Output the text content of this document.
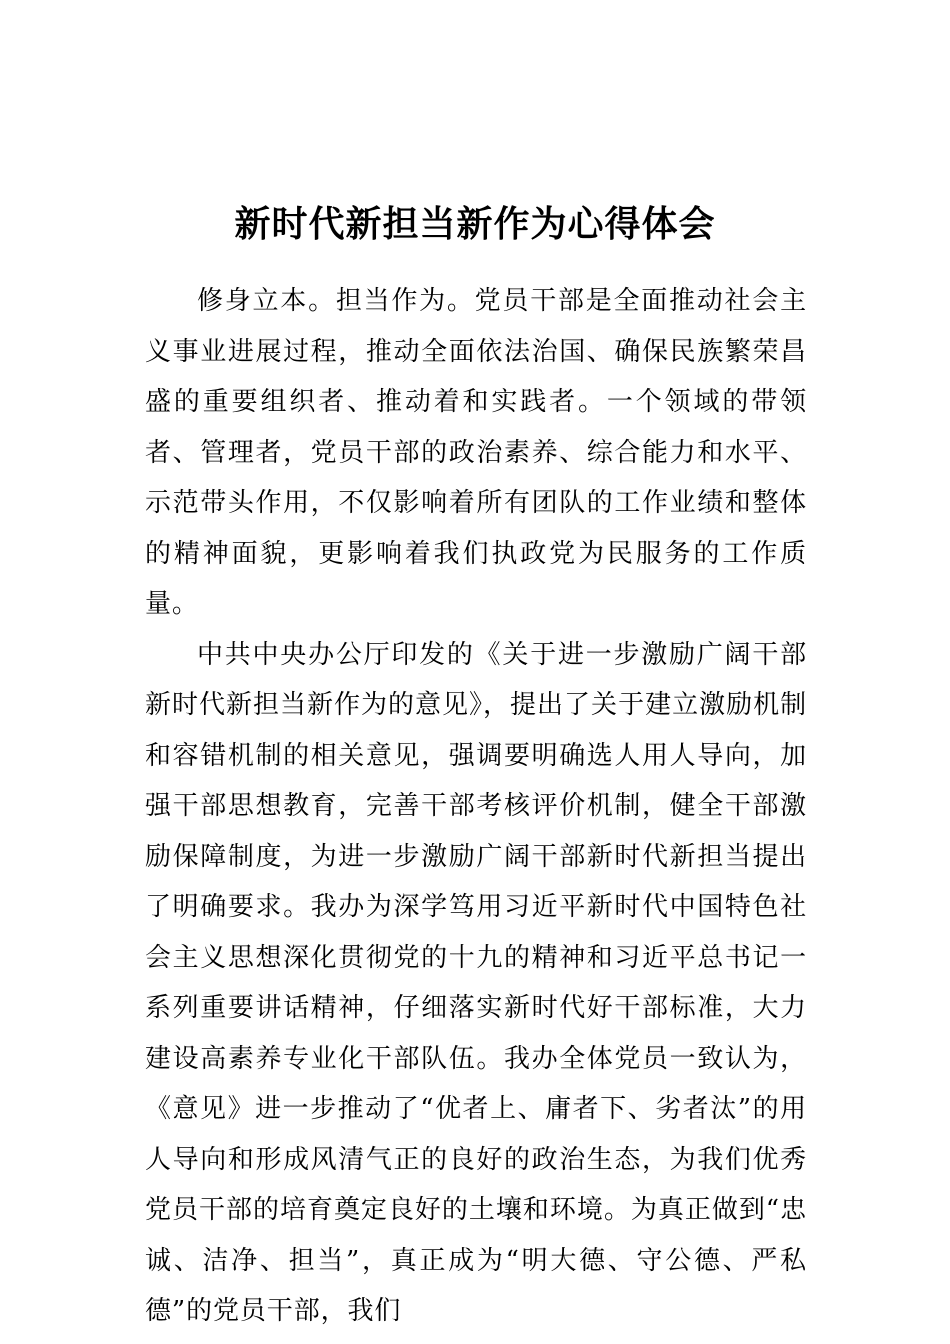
新时代新担当新作为心得体会

修身立本。担当作为。党员干部是全面推动社会主义事业进展过程，推动全面依法治国、确保民族繁荣昌盛的重要组织者、推动着和实践者。一个领域的带领者、管理者，党员干部的政治素养、综合能力和水平、示范带头作用，不仅影响着所有团队的工作业绩和整体的精神面貌，更影响着我们执政党为民服务的工作质量。

中共中央办公厅印发的《关于进一步激励广阔干部新时代新担当新作为的意见》，提出了关于建立激励机制和容错机制的相关意见，强调要明确选人用人导向，加强干部思想教育，完善干部考核评价机制，健全干部激励保障制度，为进一步激励广阔干部新时代新担当提出了明确要求。我办为深学笃用习近平新时代中国特色社会主义思想深化贯彻党的十九的精神和习近平总书记一系列重要讲话精神，仔细落实新时代好干部标准，大力建设高素养专业化干部队伍。我办全体党员一致认为，《意见》进一步推动了“优者上、庸者下、劣者汰”的用人导向和形成风清气正的良好的政治生态，为我们优秀党员干部的培育奠定良好的土壤和环境。为真正做到“忠诚、洁净、担当”，真正成为“明大德、守公德、严私德”的党员干部，我们
